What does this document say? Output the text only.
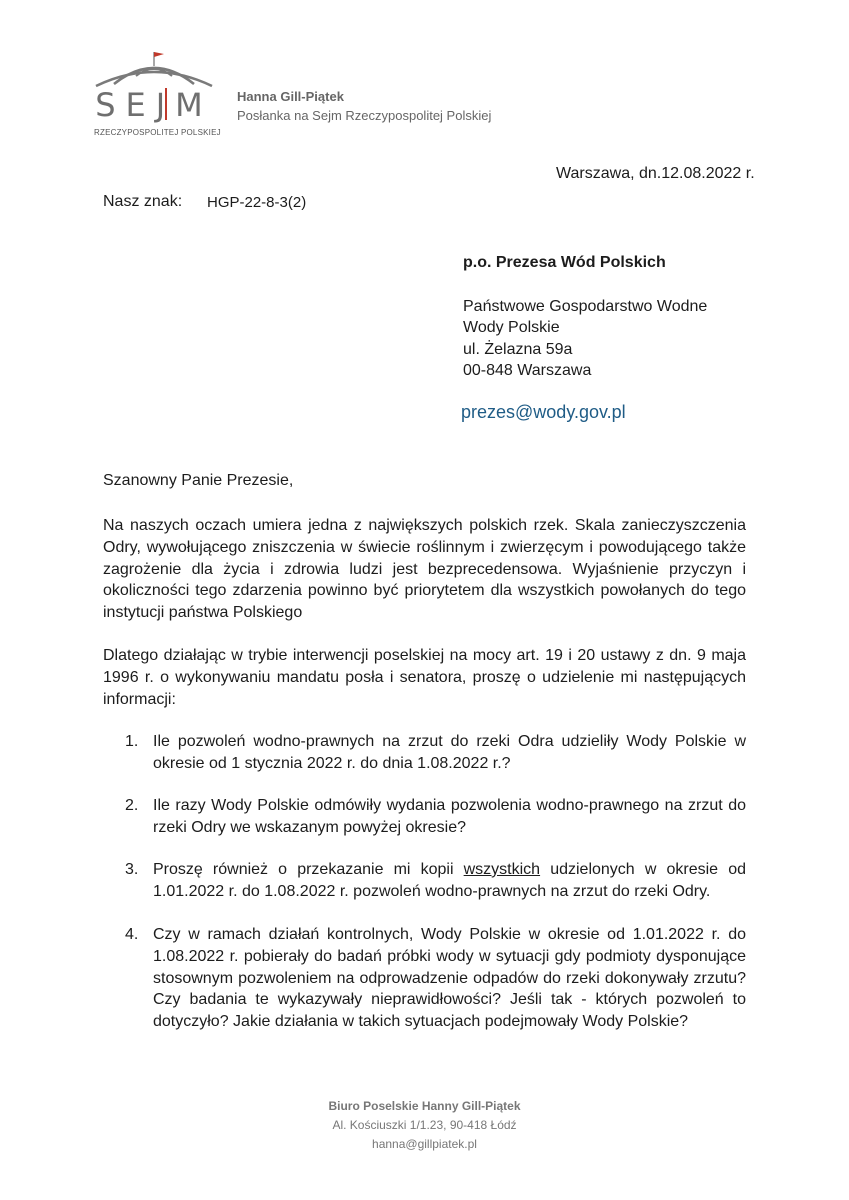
SEJM
RZECZYPOSPOLITEJ POLSKIEJ
Hanna Gill-Piątek
Posłanka na Sejm Rzeczypospolitej Polskiej
Warszawa, dn.12.08.2022 r.
Nasz znak: HGP-22-8-3(2)
p.o. Prezesa Wód Polskich
Państwowe Gospodarstwo Wodne
Wody Polskie
ul. Żelazna 59a
00-848 Warszawa
prezes@wody.gov.pl
Szanowny Panie Prezesie,
Na naszych oczach umiera jedna z największych polskich rzek. Skala zanieczyszczenia Odry, wywołującego zniszczenia w świecie roślinnym i zwierzęcym i powodującego także zagrożenie dla życia i zdrowia ludzi jest bezprecedensowa. Wyjaśnienie przyczyn i okoliczności tego zdarzenia powinno być priorytetem dla wszystkich powołanych do tego instytucji państwa Polskiego
Dlatego działając w trybie interwencji poselskiej na mocy art. 19 i 20 ustawy z dn. 9 maja 1996 r. o wykonywaniu mandatu posła i senatora, proszę o udzielenie mi następujących informacji:
1. Ile pozwoleń wodno-prawnych na zrzut do rzeki Odra udzieliły Wody Polskie w okresie od 1 stycznia 2022 r. do dnia 1.08.2022 r.?
2. Ile razy Wody Polskie odmówiły wydania pozwolenia wodno-prawnego na zrzut do rzeki Odry we wskazanym powyżej okresie?
3. Proszę również o przekazanie mi kopii wszystkich udzielonych w okresie od 1.01.2022 r. do 1.08.2022 r. pozwoleń wodno-prawnych na zrzut do rzeki Odry.
4. Czy w ramach działań kontrolnych, Wody Polskie w okresie od 1.01.2022 r. do 1.08.2022 r. pobierały do badań próbki wody w sytuacji gdy podmioty dysponujące stosownym pozwoleniem na odprowadzenie odpadów do rzeki dokonywały zrzutu? Czy badania te wykazywały nieprawidłowości? Jeśli tak - których pozwoleń to dotyczyło? Jakie działania w takich sytuacjach podejmowały Wody Polskie?
Biuro Poselskie Hanny Gill-Piątek
Al. Kościuszki 1/1.23, 90-418 Łódź
hanna@gillpiatek.pl
